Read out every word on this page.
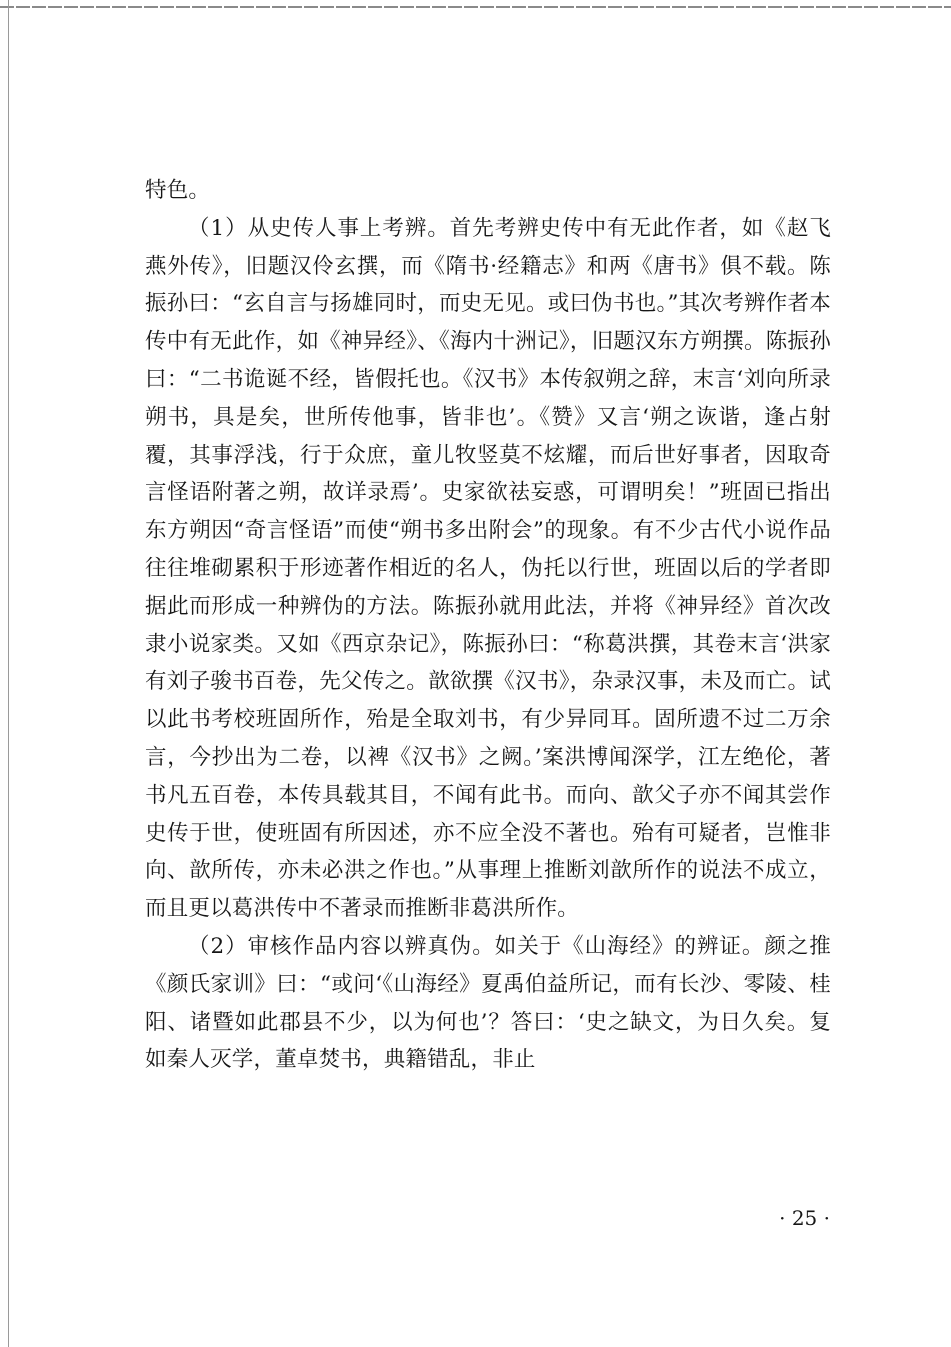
特色。

（1）从史传人事上考辨。首先考辨史传中有无此作者，如《赵飞燕外传》，旧题汉伶玄撰，而《隋书·经籍志》和两《唐书》俱不载。陈振孙曰：“玄自言与扬雄同时，而史无见。或曰伪书也。”其次考辨作者本传中有无此作，如《神异经》、《海内十洲记》，旧题汉东方朔撰。陈振孙曰：“二书诡诞不经，皆假托也。《汉书》本传叙朔之辞，末言‘刘向所录朔书，具是矣，世所传他事，皆非也’。《赞》又言‘朔之诙谐，逢占射覆，其事浮浅，行于众庶，童儿牧竖莫不炫耀，而后世好事者，因取奇言怪语附著之朔，故详录焉’。史家欲祛妄惑，可谓明矣！”班固已指出东方朔因“奇言怪语”而使“朔书多出附会”的现象。有不少古代小说作品往往堆砌累积于形迹著作相近的名人，伪托以行世，班固以后的学者即据此而形成一种辨伪的方法。陈振孙就用此法，并将《神异经》首次改隶小说家类。又如《西京杂记》，陈振孙曰：“称葛洪撰，其卷末言‘洪家有刘子骏书百卷，先父传之。歆欲撰《汉书》，杂录汉事，未及而亡。试以此书考校班固所作，殆是全取刘书，有少异同耳。固所遗不过二万余言，今抄出为二卷，以裨《汉书》之阙。’案洪博闻深学，江左绝伦，著书凡五百卷，本传具载其目，不闻有此书。而向、歆父子亦不闻其尝作史传于世，使班固有所因述，亦不应全没不著也。殆有可疑者，岂惟非向、歆所传，亦未必洪之作也。”从事理上推断刘歆所作的说法不成立，而且更以葛洪传中不著录而推断非葛洪所作。

（2）审核作品内容以辨真伪。如关于《山海经》的辨证。颜之推《颜氏家训》曰：“或问‘《山海经》夏禹伯益所记，而有长沙、零陵、桂阳、诸暨如此郡县不少，以为何也’？答曰：‘史之缺文，为日久矣。复如秦人灭学，董卓焚书，典籍错乱，非止

· 25 ·
